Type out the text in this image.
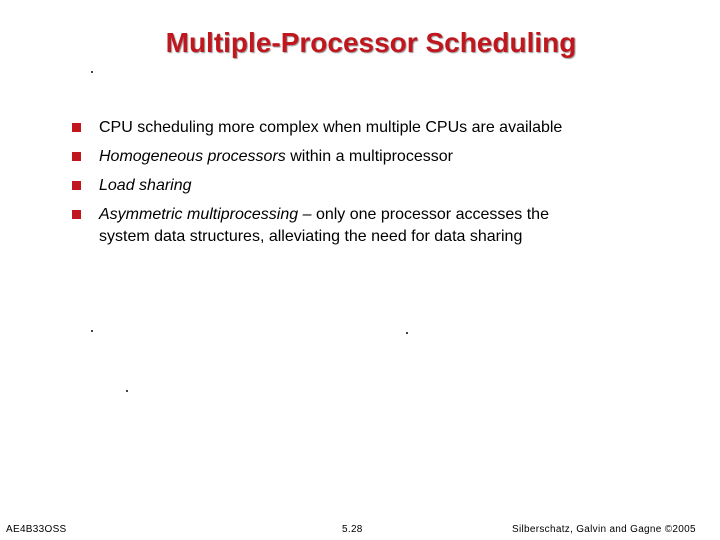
Multiple-Processor Scheduling
CPU scheduling more complex when multiple CPUs are available
Homogeneous processors within a multiprocessor
Load sharing
Asymmetric multiprocessing – only one processor accesses the system data structures, alleviating the need for data sharing
AE4B33OSS	5.28	Silberschatz, Galvin and Gagne ©2005
